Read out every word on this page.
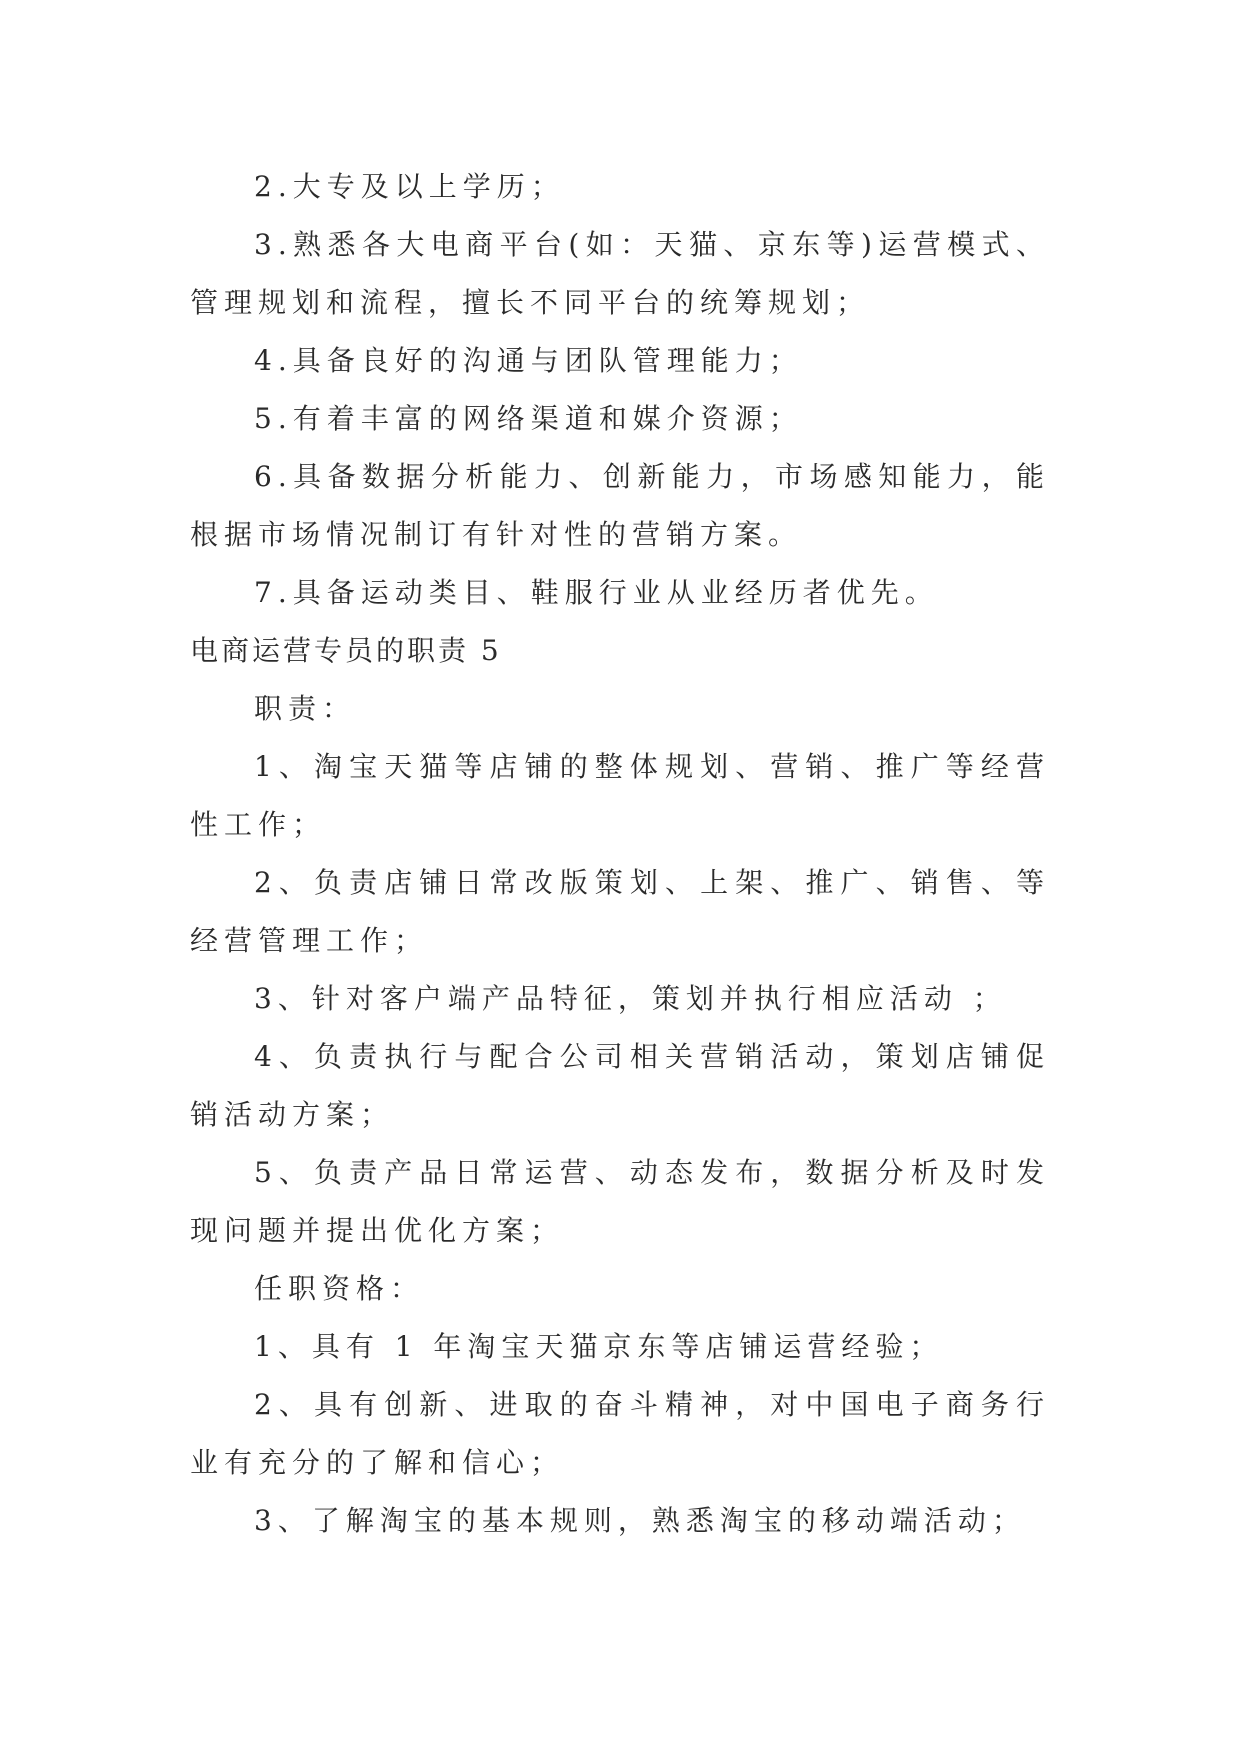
2.大专及以上学历；

3.熟悉各大电商平台(如：天猫、京东等)运营模式、管理规划和流程，擅长不同平台的统筹规划；

4.具备良好的沟通与团队管理能力；

5.有着丰富的网络渠道和媒介资源；

6.具备数据分析能力、创新能力，市场感知能力，能根据市场情况制订有针对性的营销方案。

7.具备运动类目、鞋服行业从业经历者优先。

电商运营专员的职责 5

职责：

1、淘宝天猫等店铺的整体规划、营销、推广等经营性工作；

2、负责店铺日常改版策划、上架、推广、销售、等经营管理工作；

3、针对客户端产品特征，策划并执行相应活动 ；

4、负责执行与配合公司相关营销活动，策划店铺促销活动方案；

5、负责产品日常运营、动态发布，数据分析及时发现问题并提出优化方案；

任职资格：

1、具有 1 年淘宝天猫京东等店铺运营经验；

2、具有创新、进取的奋斗精神，对中国电子商务行业有充分的了解和信心；

3、了解淘宝的基本规则，熟悉淘宝的移动端活动；
